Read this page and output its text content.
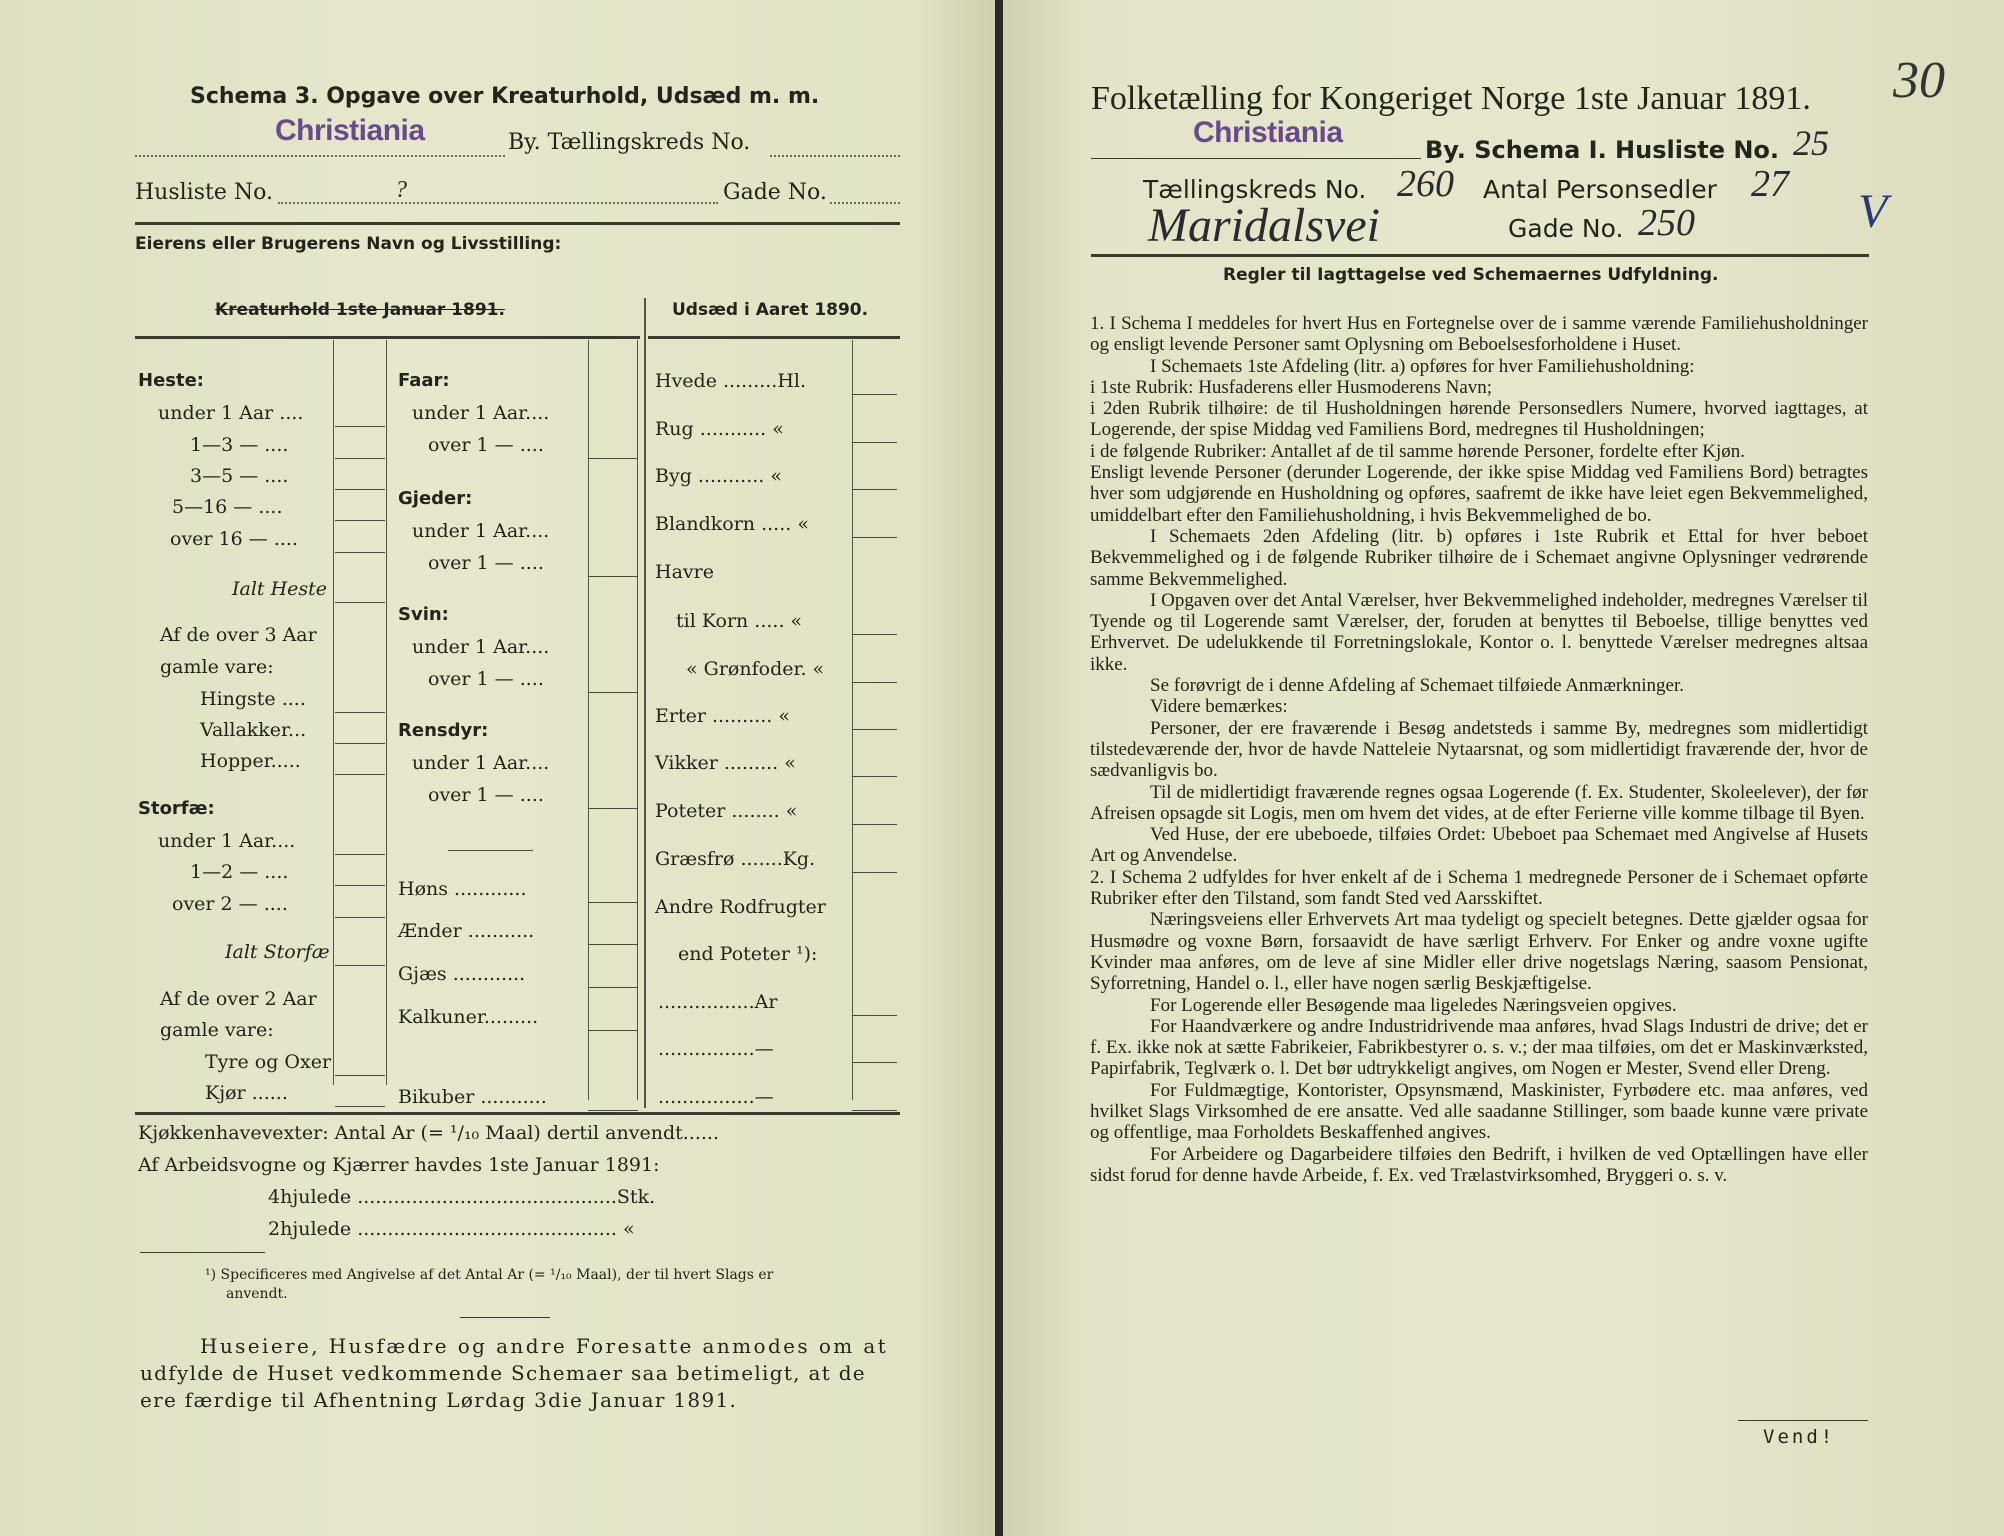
Schema 3. Opgave over Kreaturhold, Udsæd m. m.
Christiania	By. Tællingskreds No.
Husliste No.	?	Gade No.
Eierens eller Brugerens Navn og Livsstilling:
Kreaturhold 1ste Januar 1891.	Udsæd i Aaret 1890.
Heste:
under 1 Aar ....
1—3 — ....
3—5 — ....
5—16 — ....
over 16 — ....
Ialt Heste
Af de over 3 Aar
gamle vare:
Hingste ....
Vallakker...
Hopper.....
Storfæ:
under 1 Aar....
1—2 — ....
over 2 — ....
Ialt Storfæ
Af de over 2 Aar
gamle vare:
Tyre og Oxer
Kjør ......
Faar:
under 1 Aar....
over 1 — ....
Gjeder:
under 1 Aar....
over 1 — ....
Svin:
under 1 Aar....
over 1 — ....
Rensdyr:
under 1 Aar....
over 1 — ....
Høns ............
Ænder ...........
Gjæs ............
Kalkuner.........
Bikuber ...........
Hvede .........Hl.
Rug ........... «
Byg ........... «
Blandkorn ..... «
Havre
til Korn ..... «
« Grønfoder. «
Erter .......... «
Vikker ......... «
Poteter ........ «
Græsfrø .......Kg.
Andre Rodfrugter
end Poteter ¹):
................Ar
................—
................—
Kjøkkenhavevexter: Antal Ar (= ¹/₁₀ Maal) dertil anvendt......
Af Arbeidsvogne og Kjærrer havdes 1ste Januar 1891:
4hjulede ...........................................Stk.
2hjulede ........................................... «
¹) Specificeres med Angivelse af det Antal Ar (= ¹/₁₀ Maal), der til hvert Slags er
anvendt.
Huseiere, Husfædre og andre Foresatte anmodes om at
udfylde de Huset vedkommende Schemaer saa betimeligt, at de
ere færdige til Afhentning Lørdag 3die Januar 1891.
30
Folketælling for Kongeriget Norge 1ste Januar 1891.
Christiania
By. Schema I. Husliste No. 25
Tællingskreds No. 260 Antal Personsedler 27
Maridalsvei	Gade No. 250	V
Regler til Iagttagelse ved Schemaernes Udfyldning.

1. I Schema I meddeles for hvert Hus en Fortegnelse over de i samme værende Familiehusholdninger og ensligt levende Personer samt Oplysning om Beboelsesforholdene i Huset.

I Schemaets 1ste Afdeling (litr. a) opføres for hver Familiehusholdning:

i 1ste Rubrik: Husfaderens eller Husmoderens Navn;

i 2den Rubrik tilhøire: de til Husholdningen hørende Personsedlers Numere, hvorved iagttages, at Logerende, der spise Middag ved Familiens Bord, medregnes til Husholdningen;

i de følgende Rubriker: Antallet af de til samme hørende Personer, fordelte efter Kjøn.

Ensligt levende Personer (derunder Logerende, der ikke spise Middag ved Familiens Bord) betragtes hver som udgjørende en Husholdning og opføres, saafremt de ikke have leiet egen Bekvemmelighed, umiddelbart efter den Familiehusholdning, i hvis Bekvemmelighed de bo.

I Schemaets 2den Afdeling (litr. b) opføres i 1ste Rubrik et Ettal for hver beboet Bekvemmelighed og i de følgende Rubriker tilhøire de i Schemaet angivne Oplysninger vedrørende samme Bekvemmelighed.

I Opgaven over det Antal Værelser, hver Bekvemmelighed indeholder, medregnes Værelser til Tyende og til Logerende samt Værelser, der, foruden at benyttes til Beboelse, tillige benyttes ved Erhvervet. De udelukkende til Forretningslokale, Kontor o. l. benyttede Værelser medregnes altsaa ikke.

Se forøvrigt de i denne Afdeling af Schemaet tilføiede Anmærkninger.

Videre bemærkes:

Personer, der ere fraværende i Besøg andetsteds i samme By, medregnes som midlertidigt tilstedeværende der, hvor de havde Natteleie Nytaarsnat, og som midlertidigt fraværende der, hvor de sædvanligvis bo.

Til de midlertidigt fraværende regnes ogsaa Logerende (f. Ex. Studenter, Skoleelever), der før Afreisen opsagde sit Logis, men om hvem det vides, at de efter Ferierne ville komme tilbage til Byen.

Ved Huse, der ere ubeboede, tilføies Ordet: Ubeboet paa Schemaet med Angivelse af Husets Art og Anvendelse.

2. I Schema 2 udfyldes for hver enkelt af de i Schema 1 medregnede Personer de i Schemaet opførte Rubriker efter den Tilstand, som fandt Sted ved Aarsskiftet.

Næringsveiens eller Erhvervets Art maa tydeligt og specielt betegnes. Dette gjælder ogsaa for Husmødre og voxne Børn, forsaavidt de have særligt Erhverv. For Enker og andre voxne ugifte Kvinder maa anføres, om de leve af sine Midler eller drive nogetslags Næring, saasom Pensionat, Syforretning, Handel o. l., eller have nogen særlig Beskjæftigelse.

For Logerende eller Besøgende maa ligeledes Næringsveien opgives.

For Haandværkere og andre Industridrivende maa anføres, hvad Slags Industri de drive; det er f. Ex. ikke nok at sætte Fabrikeier, Fabrikbestyrer o. s. v.; der maa tilføies, om det er Maskinværksted, Papirfabrik, Teglværk o. l. Det bør udtrykkeligt angives, om Nogen er Mester, Svend eller Dreng.

For Fuldmægtige, Kontorister, Opsynsmænd, Maskinister, Fyrbødere etc. maa anføres, ved hvilket Slags Virksomhed de ere ansatte. Ved alle saadanne Stillinger, som baade kunne være private og offentlige, maa Forholdets Beskaffenhed angives.

For Arbeidere og Dagarbeidere tilføies den Bedrift, i hvilken de ved Optællingen have eller sidst forud for denne havde Arbeide, f. Ex. ved Trælastvirksomhed, Bryggeri o. s. v.

Vend!
